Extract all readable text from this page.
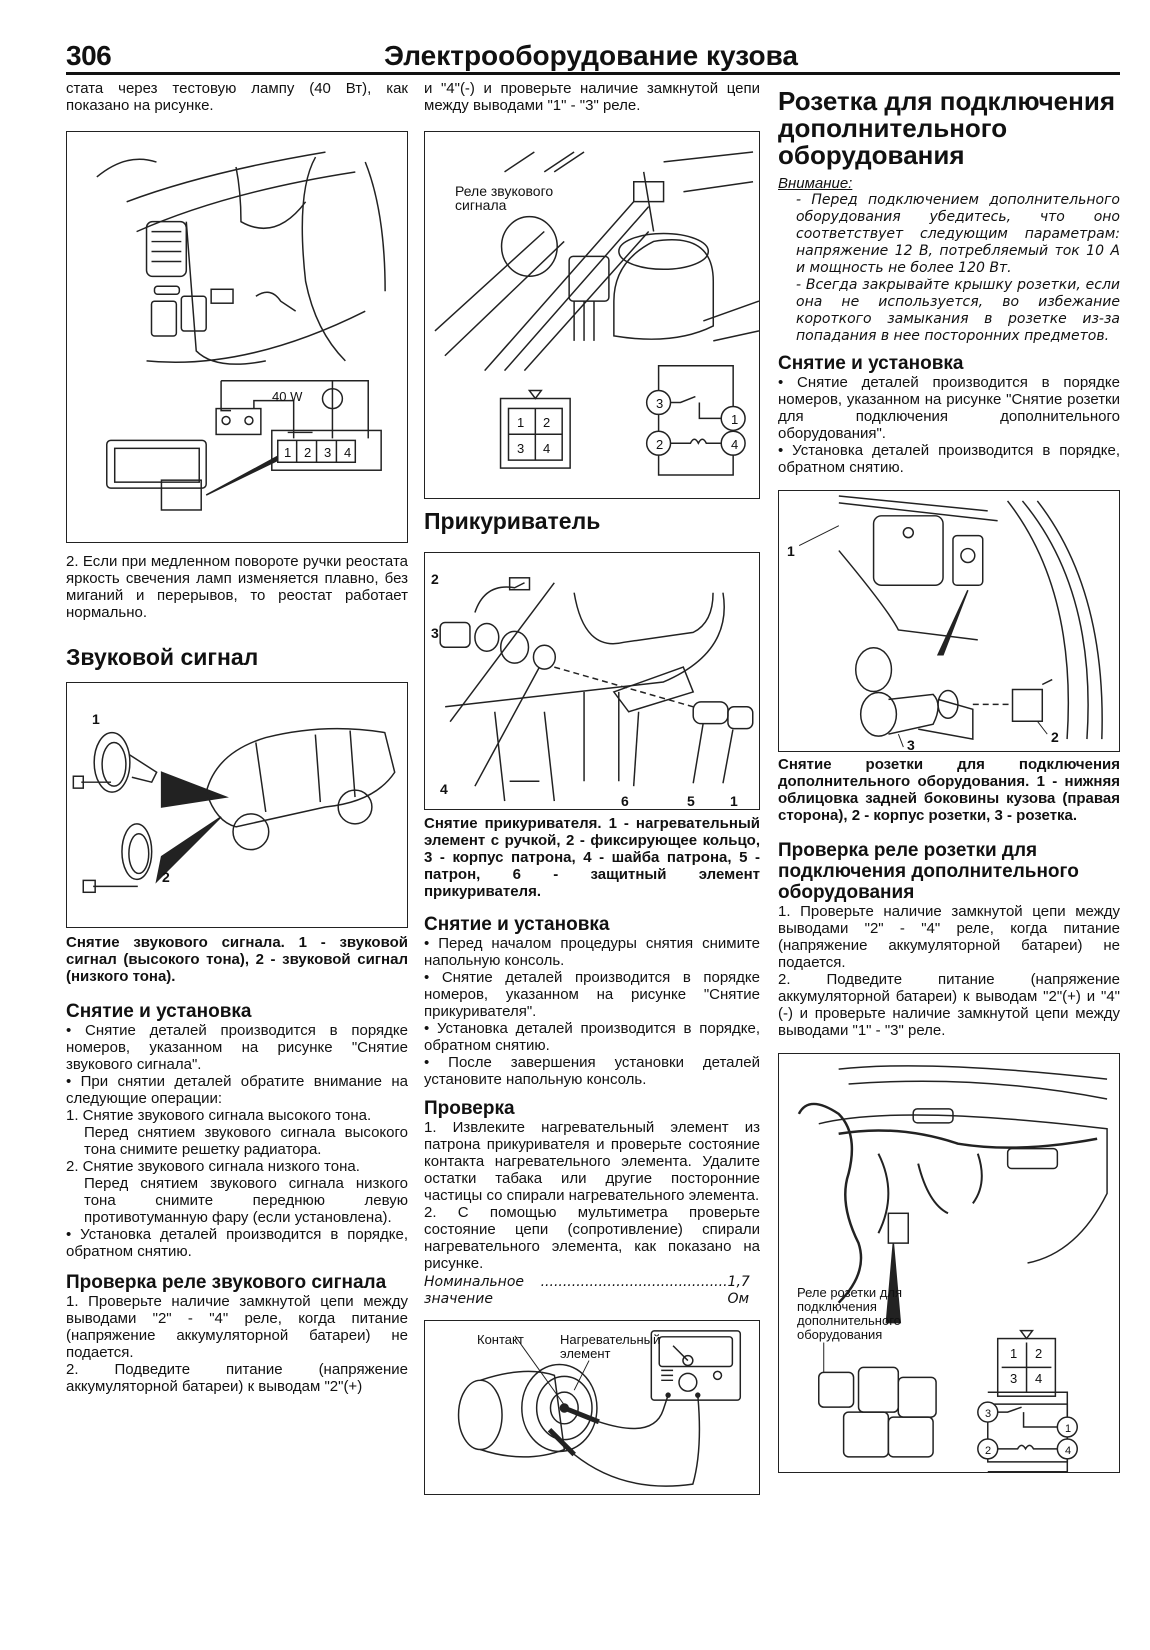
306	Электрооборудование кузова

стата через тестовую лампу (40 Вт), как показано на рисунке.

40 W
1 2 3 4

2. Если при медленном повороте ручки реостата яркость свечения ламп изменяется плавно, без миганий и перерывов, то реостат работает нормально.

Звуковой сигнал
1
2

Снятие звукового сигнала. 1 - звуковой сигнал (высокого тона), 2 - звуковой сигнал (низкого тона).

Снятие и установка

• Снятие деталей производится в порядке номеров, указанном на рисунке "Снятие звукового сигнала".

• При снятии деталей обратите внимание на следующие операции:

1. Снятие звукового сигнала высокого тона.

Перед снятием звукового сигнала высокого тона снимите решетку радиатора.

2. Снятие звукового сигнала низкого тона.

Перед снятием звукового сигнала низкого тона снимите переднюю левую противотуманную фару (если установлена).

• Установка деталей производится в порядке, обратном снятию.

Проверка реле звукового сигнала

1. Проверьте наличие замкнутой цепи между выводами "2" - "4" реле, когда питание (напряжение аккумуляторной батареи) не подается.

2. Подведите питание (напряжение аккумуляторной батареи) к выводам "2"(+)

и "4"(-) и проверьте наличие замкнутой цепи между выводами "1" - "3" реле.

Реле звукового сигнала
1 2
3 4
3
1
2	4
Прикуриватель
2
3
4
6	5	1

Снятие прикуривателя. 1 - нагревательный элемент с ручкой, 2 - фиксирующее кольцо, 3 - корпус патрона, 4 - шайба патрона, 5 - патрон, 6 - защитный элемент прикуривателя.

Снятие и установка

• Перед началом процедуры снятия снимите напольную консоль.

• Снятие деталей производится в порядке номеров, указанном на рисунке "Снятие прикуривателя".

• Установка деталей производится в порядке, обратном снятию.

• После завершения установки деталей установите напольную консоль.

Проверка

1. Извлеките нагревательный элемент из патрона прикуривателя и проверьте состояние контакта нагревательного элемента. Удалите остатки табака или другие посторонние частицы со спирали нагревательного элемента.

2. С помощью мультиметра проверьте состояние цепи (сопротивление) спирали нагревательного элемента, как показано на рисунке.

Номинальное значение
.......................................... 1,7 Ом

Контакт	Нагревательный элемент
Розетка для подключения дополнительного оборудования
Внимание:

- Перед подключением дополнительного оборудования убедитесь, что оно соответствует следующим параметрам: напряжение 12 В, потребляемый ток 10 А и мощность не более 120 Вт.

- Всегда закрывайте крышку розетки, если она не используется, во избежание короткого замыкания в розетке из-за попадания в нее посторонних предметов.

Снятие и установка

• Снятие деталей производится в порядке номеров, указанном на рисунке "Снятие розетки для подключения дополнительного оборудования".

• Установка деталей производится в порядке, обратном снятию.

1
2
3

Снятие розетки для подключения дополнительного оборудования. 1 - нижняя облицовка задней боковины кузова (правая сторона), 2 - корпус розетки, 3 - розетка.

Проверка реле розетки для подключения дополнительного оборудования

1. Проверьте наличие замкнутой цепи между выводами "2" - "4" реле, когда питание (напряжение аккумуляторной батареи) не подается.

2. Подведите питание (напряжение аккумуляторной батареи) к выводам "2"(+) и "4"(-) и проверьте наличие замкнутой цепи между выводами "1" - "3" реле.

Реле розетки для подключения дополнительного оборудования
1 2
3 4
3
1
2	4
